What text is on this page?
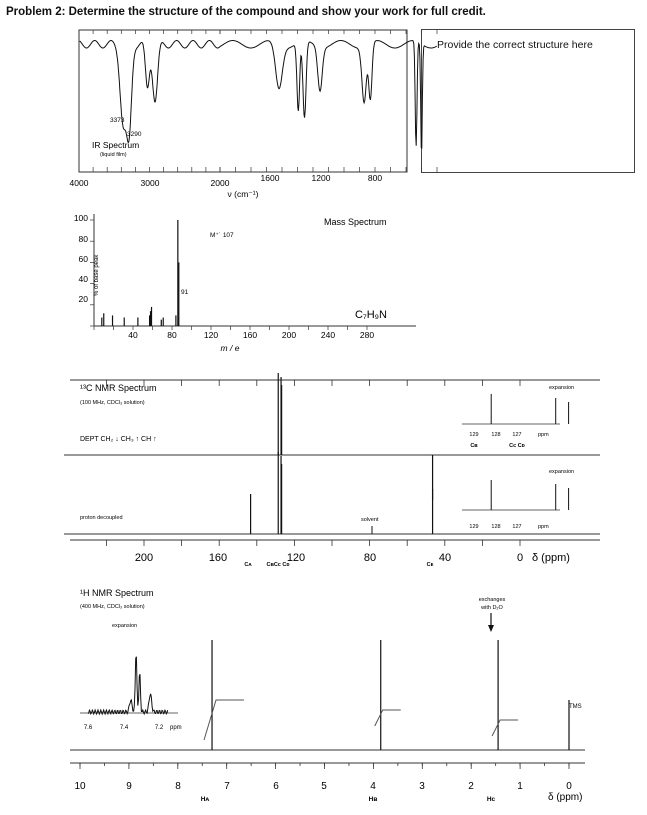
Problem 2: Determine the structure of the compound and show your work for full credit.
Provide the correct structure here
3373
3290
IR Spectrum
(liquid film)
4000	3000	2000	1600	1200	800
ν (cm⁻¹)
100
80
60
40
20
% of base peak
40	80	120	160	200	240	280
m / e
Mass Spectrum
C₇H₉N
M⁺˙ 107
91
¹³C NMR Spectrum
(100 MHz, CDCl₃ solution)
DEPT CH₂ ↓ CH₃ ↑ CH ↑
proton decoupled	solvent
expansion
129 128 127	ppm
Cʙ	Cᴄ Cᴅ
expansion
129 128 127	ppm
200	160	120	80	40	0 δ (ppm)
Cᴀ	CʙCᴄ Cᴅ	Cᴇ
¹H NMR Spectrum
(400 MHz, CDCl₃ solution)
expansion
7.6	7.4	7.2 ppm
exchanges
with D₂O
TMS
10	9	8	7	6	5	4	3	2	1	0
δ (ppm)
Hᴀ	Hʙ	Hᴄ
